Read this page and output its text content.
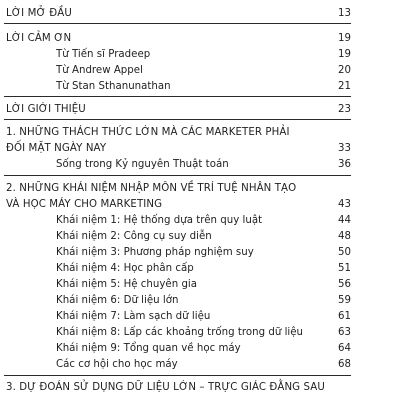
LỜI MỞ ĐẦU	13
LỜI CẢM ƠN	19
Từ Tiến sĩ Pradeep	19
Từ Andrew Appel	20
Từ Stan Sthanunathan	21
LỜI GIỚI THIỆU	23
1. NHỮNG THÁCH THỨC LỚN MÀ CÁC MARKETER PHẢI
ĐỐI MẶT NGÀY NAY	33
Sống trong Kỷ nguyên Thuật toán	36
2. NHỮNG KHÁI NIỆM NHẬP MÔN VỀ TRÍ TUỆ NHÂN TẠO
VÀ HỌC MÁY CHO MARKETING	43
Khái niệm 1: Hệ thống dựa trên quy luật	44
Khái niệm 2: Công cụ suy diễn	48
Khái niệm 3: Phương pháp nghiệm suy	50
Khái niệm 4: Học phân cấp	51
Khái niệm 5: Hệ chuyên gia	56
Khái niệm 6: Dữ liệu lớn	59
Khái niệm 7: Làm sạch dữ liệu	61
Khái niệm 8: Lấp các khoảng trống trong dữ liệu	63
Khái niệm 9: Tổng quan về học máy	64
Các cơ hội cho học máy	68
3. DỰ ĐOÁN SỬ DỤNG DỮ LIỆU LỚN – TRỰC GIÁC ĐẰNG SAU
